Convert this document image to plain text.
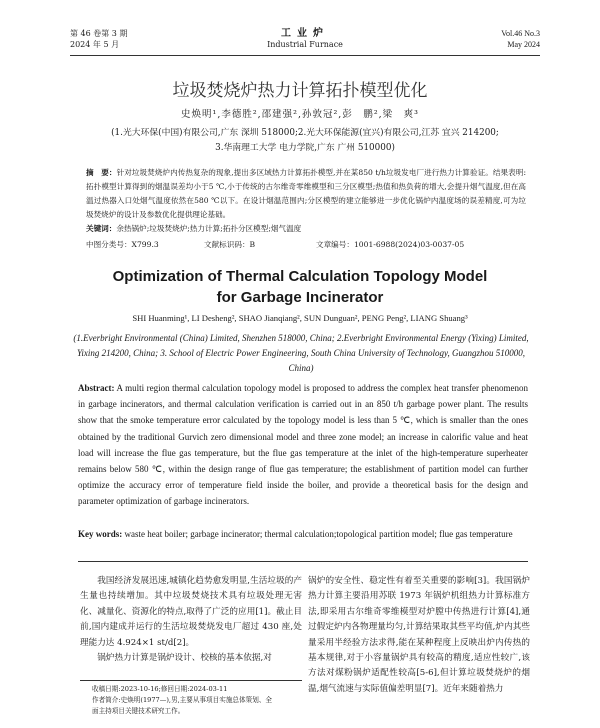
第 46 卷第 3 期
2024 年 5 月
工业炉
Industrial Furnace
Vol.46 No.3
May 2024
垃圾焚烧炉热力计算拓扑模型优化
史焕明¹,李德胜²,邵建强²,孙敦冠²,彭　鹏²,梁　爽³
(1.光大环保(中国)有限公司,广东 深圳 518000;2.光大环保能源(宜兴)有限公司,江苏 宜兴 214200;
3.华南理工大学 电力学院,广东 广州 510000)
摘　要：针对垃圾焚烧炉内传热复杂的现象,提出多区域热力计算拓扑模型,并在某850 t/h垃圾发电厂进行热力计算验证。结果表明:拓扑模型计算得到的烟温误差均小于5 ℃,小于传统的古尔维奇零维模型和三分区模型;热值和热负荷的增大,会提升烟气温度,但在高温过热器入口处烟气温度依然在580 ℃以下。在设计烟温范围内;分区模型的建立能够进一步优化锅炉内温度场的误差精度,可为垃圾焚烧炉的设计及参数优化提供理论基础。
关键词：余热锅炉;垃圾焚烧炉;热力计算;拓扑分区模型;烟气温度
中图分类号：X799.3	文献标识码：B	文章编号：1001-6988(2024)03-0037-05
Optimization of Thermal Calculation Topology Model
for Garbage Incinerator
SHI Huanming¹, LI Desheng², SHAO Jianqiang², SUN Dunguan², PENG Peng², LIANG Shuang³
(1.Everbright Environmental (China) Limited, Shenzhen 518000, China; 2.Everbright Environmental Energy (Yixing) Limited, Yixing 214200, China; 3. School of Electric Power Engineering, South China University of Technology, Guangzhou 510000, China)
Abstract: A multi region thermal calculation topology model is proposed to address the complex heat transfer phenomenon in garbage incinerators, and thermal calculation verification is carried out in an 850 t/h garbage power plant. The results show that the smoke temperature error calculated by the topology model is less than 5 ℃, which is smaller than the ones obtained by the traditional Gurvich zero dimensional model and three zone model; an increase in calorific value and heat load will increase the flue gas temperature, but the flue gas temperature at the inlet of the high-temperature superheater remains below 580 ℃, within the design range of flue gas temperature; the establishment of partition model can further optimize the accuracy error of temperature field inside the boiler, and provide a theoretical basis for the design and parameter optimization of garbage incinerators.
Key words: waste heat boiler; garbage incinerator; thermal calculation;topological partition model; flue gas temperature

我国经济发展迅速,城镇化趋势愈发明显,生活垃圾的产生量也持续增加。其中垃圾焚烧技术具有垃圾处理无害化、减量化、资源化的特点,取得了广泛的应用[1]。截止目前,国内建成并运行的生活垃圾焚烧发电厂超过 430 座,处理能力达 4.924×1 st/d[2]。

锅炉热力计算是锅炉设计、校核的基本依据,对

锅炉的安全性、稳定性有着至关重要的影响[3]。我国锅炉热力计算主要沿用苏联 1973 年锅炉机组热力计算标准方法,即采用古尔维奇零维模型对炉膛中传热进行计算[4],通过假定炉内各物理量均匀,计算结果取其些平均值,炉内其些量采用半经验方法求得,能在某种程度上反映出炉内传热的基本规律,对于小容量锅炉具有较高的精度,适应性较广,该方法对煤粉锅炉适配性较高[5-6],但计算垃圾焚烧炉的烟温,烟气流速与实际值偏差明显[7]。近年来随着热力

收稿日期:2023-10-16;修回日期:2024-03-11
作者简介:史焕明(1977—),男,主要从事项目实施总体策划、全
面主持项目关键技术研究工作。
